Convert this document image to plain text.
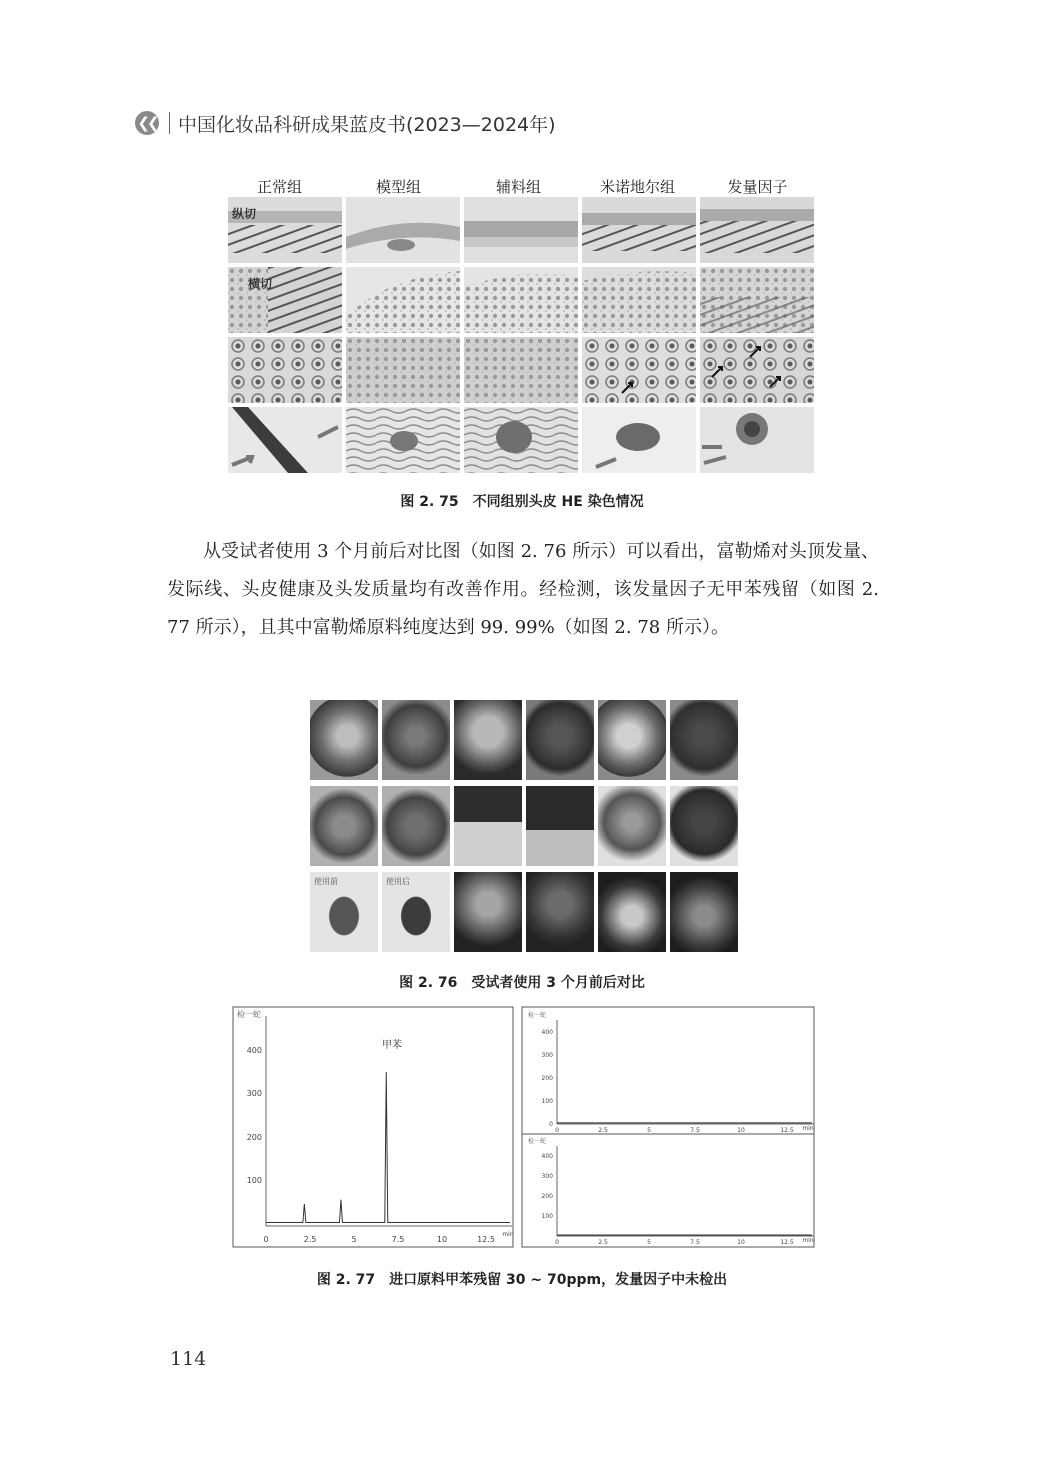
❮❮ 中国化妆品科研成果蓝皮书(2023—2024年)
正常组	模型组	辅料组	米诺地尔组	发量因子
纵切
横切
图 2. 75　不同组别头皮 HE 染色情况
从受试者使用 3 个月前后对比图（如图 2. 76 所示）可以看出，富勒烯对头顶发量、发际线、头皮健康及头发质量均有改善作用。经检测，该发量因子无甲苯残留（如图 2. 77 所示），且其中富勒烯原料纯度达到 99. 99%（如图 2. 78 所示）。
使用前	使用后
图 2. 76　受试者使用 3 个月前后对比
检一蛇	检一蛇
检一蛇
0	2.5	5	7.5	10	12.5
min
0	2.5	5	7.5	10	12.5 min
0	2.5	5	7.5	10	12.5 min
100
200
300
400
0
100
200
300
400
100
200
300
400
甲苯
图 2. 77　进口原料甲苯残留 30 ~ 70ppm，发量因子中未检出
114
